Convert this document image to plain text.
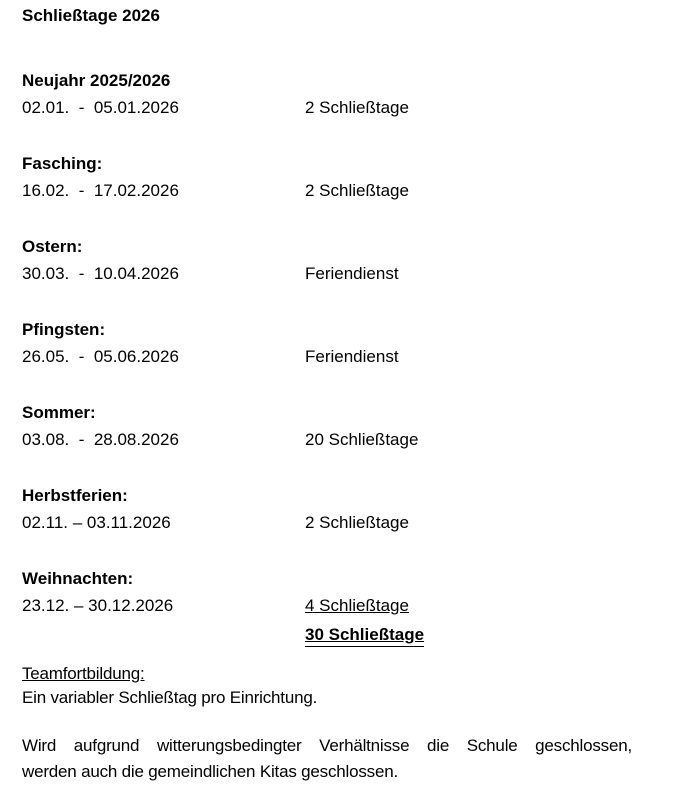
Schließtage 2026
Neujahr 2025/2026
02.01.  -  05.01.2026	2 Schließtage
Fasching:
16.02.  -  17.02.2026	2 Schließtage
Ostern:
30.03.  -  10.04.2026	Feriendienst
Pfingsten:
26.05.  -  05.06.2026	Feriendienst
Sommer:
03.08.  -  28.08.2026	20 Schließtage
Herbstferien:
02.11. – 03.11.2026	2 Schließtage
Weihnachten:
23.12. – 30.12.2026	4 Schließtage
30 Schließtage
Teamfortbildung:
Ein variabler Schließtag pro Einrichtung.
Wird aufgrund witterungsbedingter Verhältnisse die Schule geschlossen,
werden auch die gemeindlichen Kitas geschlossen.
